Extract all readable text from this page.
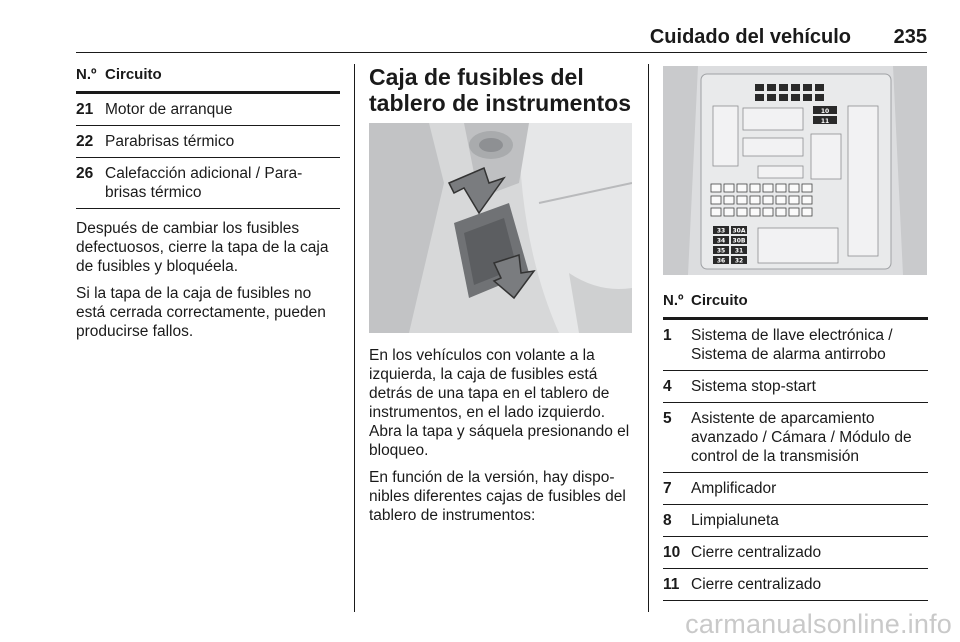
Cuidado del vehículo 235
N.º Circuito
21 Motor de arranque
22 Parabrisas térmico
26 Calefacción adicional / Para-brisas térmico

Después de cambiar los fusibles defectuosos, cierre la tapa de la caja de fusibles y bloquéela.

Si la tapa de la caja de fusibles no está cerrada correctamente, pueden producirse fallos.

Caja de fusibles del tablero de instrumentos

En los vehículos con volante a la izquierda, la caja de fusibles está detrás de una tapa en el tablero de instrumentos, en el lado izquierdo. Abra la tapa y sáquela presionando el bloqueo.

En función de la versión, hay dispo-nibles diferentes cajas de fusibles del tablero de instrumentos:

10
11
33 30A
34 30B
35 31
36 32
N.º Circuito
1	Sistema de llave electrónica / Sistema de alarma antirrobo
4	Sistema stop-start
5	Asistente de aparcamiento avanzado / Cámara / Módulo de control de la transmisión
7	Amplificador
8	Limpialuneta
10 Cierre centralizado
11 Cierre centralizado
carmanualsonline.info
